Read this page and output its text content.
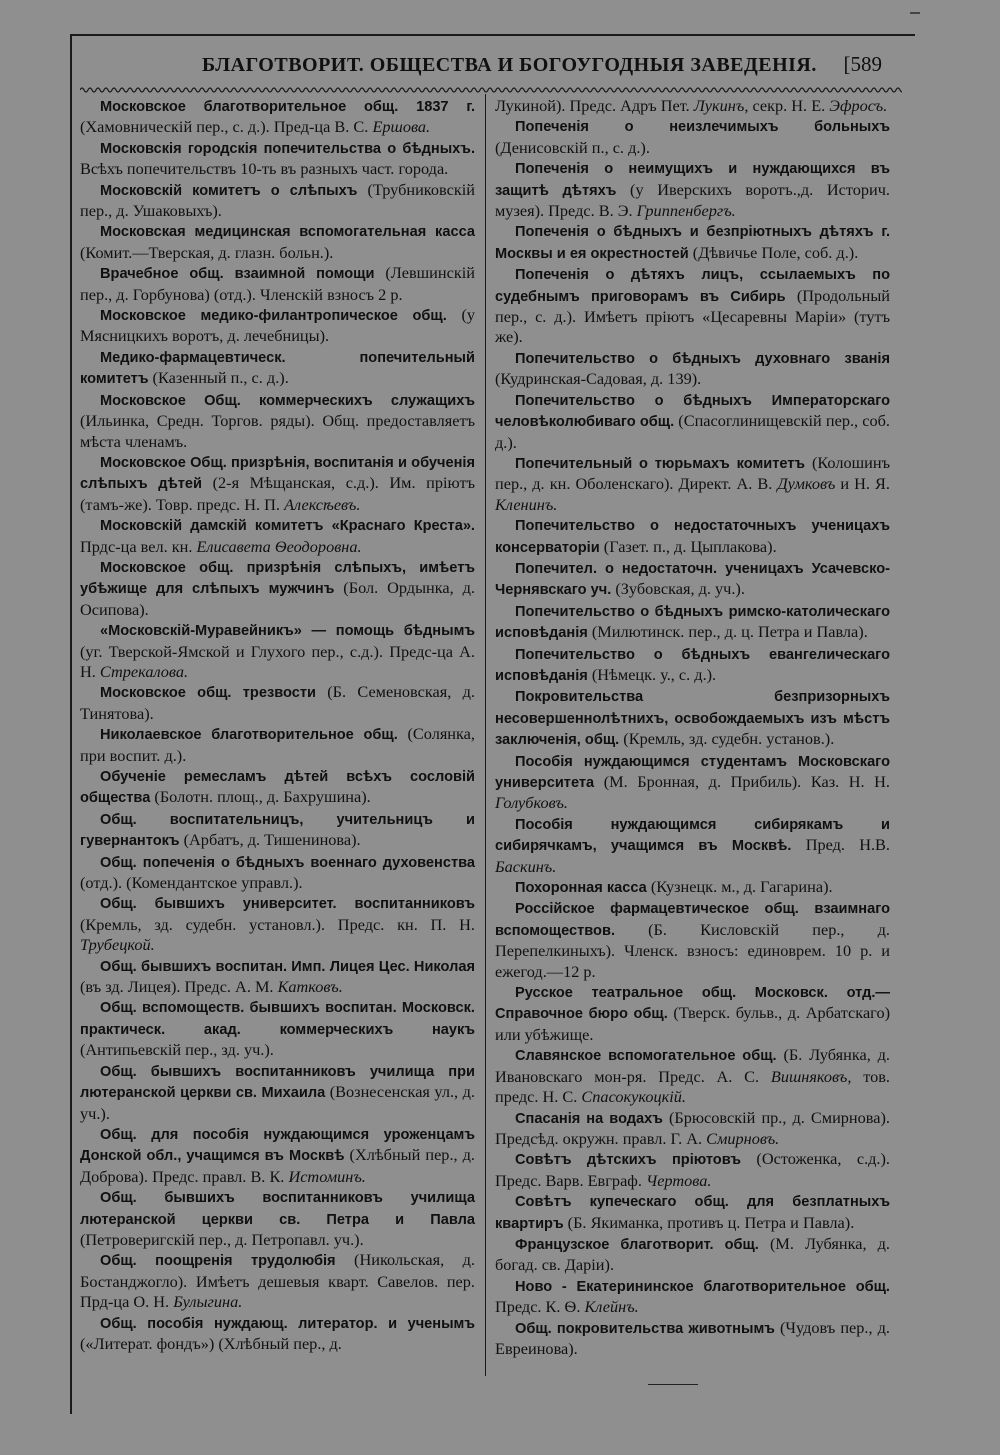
БЛАГОТВОРИТ. ОБЩЕСТВА И БОГОУГОДНЫЯ ЗАВЕДЕНІЯ. [589
Московское благотворительное общ. 1837 г. (Хамовническій пер., с. д.). Пред-ца В. С. Ершова.
Московскія городскія попечительства о бѣдныхъ. Всѣхъ попечительствъ 10-ть въ разныхъ част. города.
Московскій комитетъ о слѣпыхъ (Трубниковскій пер., д. Ушаковыхъ).
Московская медицинская вспомогательная касса (Комит.—Тверская, д. глазн. больн.).
Врачебное общ. взаимной помощи (Левшинскій пер., д. Горбунова) (отд.). Членскій взносъ 2 р.
Московское медико-филантропическое общ. (у Мясницкихъ воротъ, д. лечебницы).
Медико-фармацевтическ. попечительный комитетъ (Казенный п., с. д.).
Московское Общ. коммерческихъ служащихъ (Ильинка, Средн. Торгов. ряды). Общ. предоставляетъ мѣста членамъ.
Московское Общ. призрѣнія, воспитанія и обученія слѣпыхъ дѣтей (2-я Мѣщанская, с.д.). Им. пріютъ (тамъ-же). Товр. предс. Н. П. Алексѣевъ.
Московскій дамскій комитетъ «Краснаго Креста». Прдс-ца вел. кн. Елисавета Ѳеодоровна.
Московское общ. призрѣнія слѣпыхъ, имѣетъ убѣжище для слѣпыхъ мужчинъ (Бол. Ордынка, д. Осипова).
«Московскій-Муравейникъ» — помощь бѣднымъ (уг. Тверской-Ямской и Глухого пер., с.д.). Предс-ца А. Н. Стрекалова.
Московское общ. трезвости (Б. Семеновская, д. Тинятова).
Николаевское благотворительное общ. (Солянка, при воспит. д.).
Обученіе ремесламъ дѣтей всѣхъ сословій общества (Болотн. площ., д. Бахрушина).
Общ. воспитательницъ, учительницъ и гувернантокъ (Арбатъ, д. Тишенинова).
Общ. попеченія о бѣдныхъ военнаго духовенства (отд.). (Комендантское управл.).
Общ. бывшихъ университет. воспитанниковъ (Кремль, зд. судебн. установл.). Предс. кн. П. Н. Трубецкой.
Общ. бывшихъ воспитан. Имп. Лицея Цес. Николая (въ зд. Лицея). Предс. А. М. Катковъ.
Общ. вспомоществ. бывшихъ воспитан. Московск. практическ. акад. коммерческихъ наукъ (Антипьевскій пер., зд. уч.).
Общ. бывшихъ воспитанниковъ училища при лютеранской церкви св. Михаила (Вознесенская ул., д. уч.).
Общ. для пособія нуждающимся уроженцамъ Донской обл., учащимся въ Москвѣ (Хлѣбный пер., д. Доброва). Предс. правл. В. К. Истоминъ.
Общ. бывшихъ воспитанниковъ училища лютеранской церкви св. Петра и Павла (Петроверигскій пер., д. Петропавл. уч.).
Общ. поощренія трудолюбія (Никольская, д. Бостанджогло). Имѣетъ дешевыя кварт. Савелов. пер. Прд-ца О. Н. Булыгина.
Общ. пособія нуждающ. литератор. и ученымъ («Литерат. фондъ») (Хлѣбный пер., д.
Лукиной). Предс. Адръ Пет. Лукинъ, секр. Н. Е. Эфросъ.
Попеченія о неизлечимыхъ больныхъ (Денисовскій п., с. д.).
Попеченія о неимущихъ и нуждающихся въ защитѣ дѣтяхъ (у Иверскихъ воротъ.,д. Историч. музея). Предс. В. Э. Гриппенбергъ.
Попеченія о бѣдныхъ и безпріютныхъ дѣтяхъ г. Москвы и ея окрестностей (Дѣвичье Поле, соб. д.).
Попеченія о дѣтяхъ лицъ, ссылаемыхъ по судебнымъ приговорамъ въ Сибирь (Продольный пер., с. д.). Имѣетъ пріютъ «Цесаревны Маріи» (тутъ же).
Попечительство о бѣдныхъ духовнаго званія (Кудринская-Садовая, д. 139).
Попечительство о бѣдныхъ Императорскаго человѣколюбиваго общ. (Спасоглинищевскій пер., соб. д.).
Попечительный о тюрьмахъ комитетъ (Колошинъ пер., д. кн. Оболенскаго). Директ. А. В. Думковъ и Н. Я. Кленинъ.
Попечительство о недостаточныхъ ученицахъ консерваторіи (Газет. п., д. Цыплакова).
Попечител. о недостаточн. ученицахъ Усачевско-Чернявскаго уч. (Зубовская, д. уч.).
Попечительство о бѣдныхъ римско-католическаго исповѣданія (Милютинск. пер., д. ц. Петра и Павла).
Попечительство о бѣдныхъ евангелическаго исповѣданія (Нѣмецк. у., с. д.).
Покровительства безпризорныхъ несовершеннолѣтнихъ, освобождаемыхъ изъ мѣстъ заключенія, общ. (Кремль, зд. судебн. установ.).
Пособія нуждающимся студентамъ Московскаго университета (М. Бронная, д. Прибиль). Каз. Н. Н. Голубковъ.
Пособія нуждающимся сибирякамъ и сибирячкамъ, учащимся въ Москвѣ. Пред. Н.В. Баскинъ.
Похоронная касса (Кузнецк. м., д. Гагарина).
Россійское фармацевтическое общ. взаимнаго вспомоществов. (Б. Кисловскій пер., д. Перепелкиныхъ). Членск. взносъ: единоврем. 10 р. и ежегод.—12 р.
Русское театральное общ. Московск. отд.— Справочное бюро общ. (Тверск. бульв., д. Арбатскаго) или убѣжище.
Славянское вспомогательное общ. (Б. Лубянка, д. Ивановскаго мон-ря. Предс. А. С. Вишняковъ, тов. предс. Н. С. Спасокукоцкій.
Спасанія на водахъ (Брюсовскій пр., д. Смирнова). Предсѣд. окружн. правл. Г. А. Смирновъ.
Совѣтъ дѣтскихъ пріютовъ (Остоженка, с.д.). Предс. Варв. Евграф. Чертова.
Совѣтъ купеческаго общ. для безплатныхъ квартиръ (Б. Якиманка, противъ ц. Петра и Павла).
Французское благотворит. общ. (М. Лубянка, д. богад. св. Даріи).
Ново - Екатерининское благотворительное общ. Предс. К. Ѳ. Клейнъ.
Общ. покровительства животнымъ (Чудовъ пер., д. Евреинова).
